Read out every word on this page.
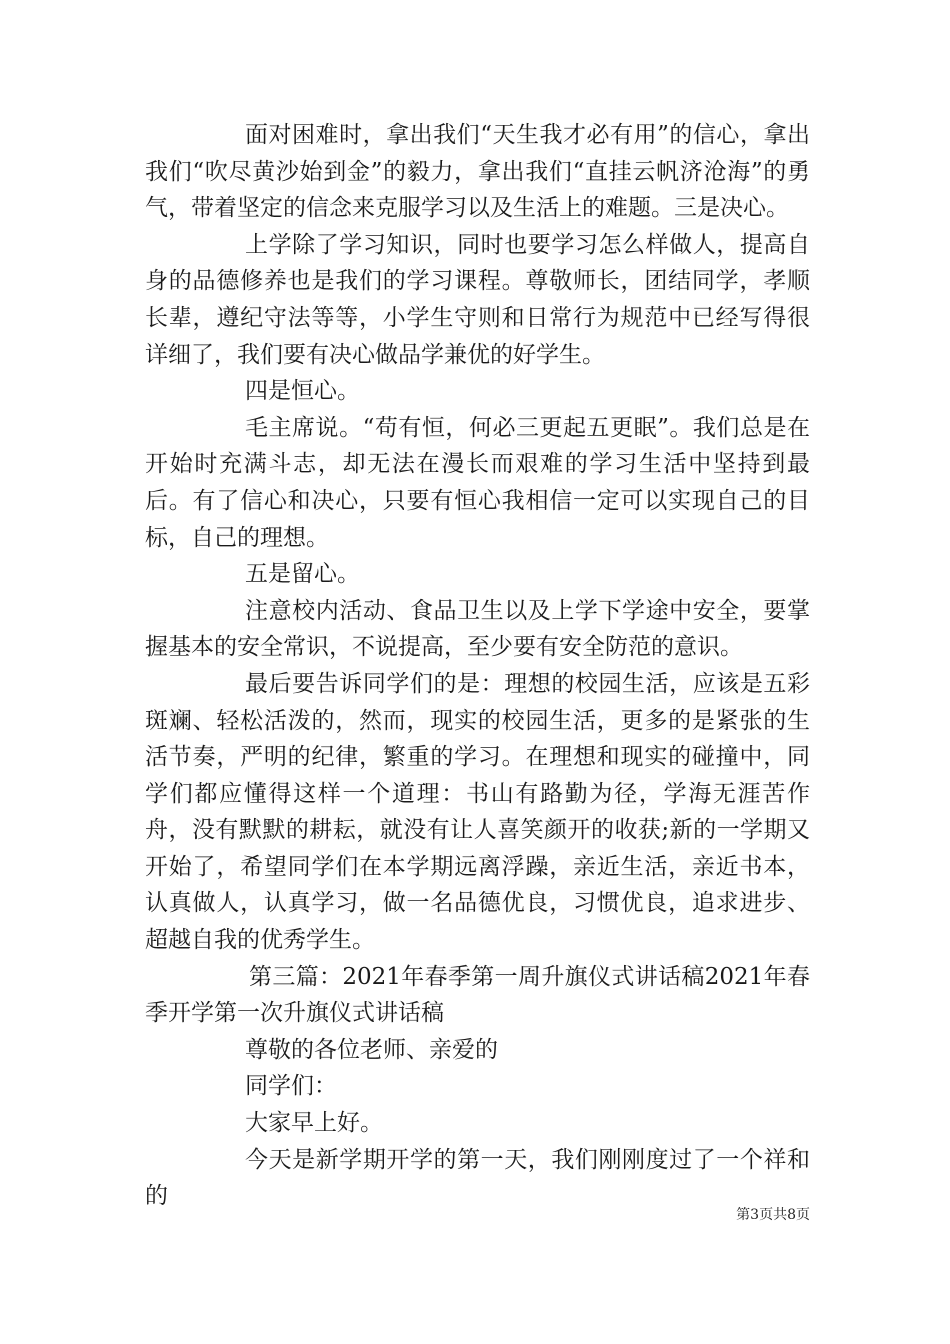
面对困难时，拿出我们“天生我才必有用”的信心，拿出我们“吹尽黄沙始到金”的毅力，拿出我们“直挂云帆济沧海”的勇气，带着坚定的信念来克服学习以及生活上的难题。三是决心。

上学除了学习知识，同时也要学习怎么样做人，提高自身的品德修养也是我们的学习课程。尊敬师长，团结同学，孝顺长辈，遵纪守法等等，小学生守则和日常行为规范中已经写得很详细了，我们要有决心做品学兼优的好学生。

四是恒心。

毛主席说。“苟有恒，何必三更起五更眠”。我们总是在开始时充满斗志，却无法在漫长而艰难的学习生活中坚持到最后。有了信心和决心，只要有恒心我相信一定可以实现自己的目标，自己的理想。

五是留心。

注意校内活动、食品卫生以及上学下学途中安全，要掌握基本的安全常识，不说提高，至少要有安全防范的意识。

最后要告诉同学们的是：理想的校园生活，应该是五彩斑斓、轻松活泼的，然而，现实的校园生活，更多的是紧张的生活节奏，严明的纪律，繁重的学习。在理想和现实的碰撞中，同学们都应懂得这样一个道理：书山有路勤为径，学海无涯苦作舟，没有默默的耕耘，就没有让人喜笑颜开的收获;新的一学期又开始了，希望同学们在本学期远离浮躁，亲近生活，亲近书本，认真做人，认真学习，做一名品德优良，习惯优良，追求进步、超越自我的优秀学生。

第三篇：2021年春季第一周升旗仪式讲话稿2021年春季开学第一次升旗仪式讲话稿

尊敬的各位老师、亲爱的

同学们：

大家早上好。

今天是新学期开学的第一天，我们刚刚度过了一个祥和的

第3页共8页
